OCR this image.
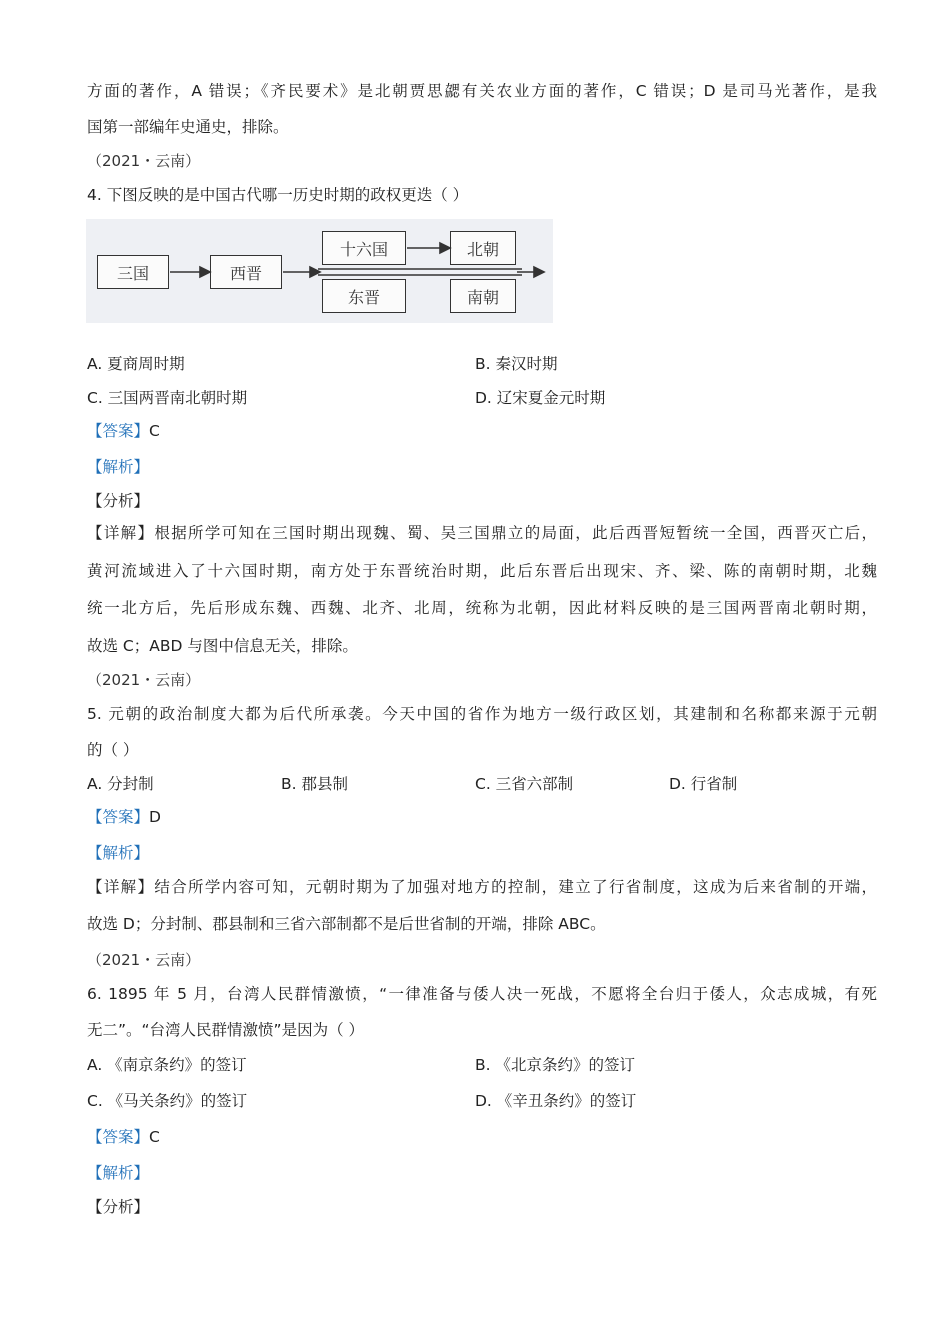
方面的著作，A 错误；《齐民要术》是北朝贾思勰有关农业方面的著作，C 错误；D 是司马光著作，是我
国第一部编年史通史，排除。
（2021・云南）
4. 下图反映的是中国古代哪一历史时期的政权更迭（ ）
三国	西晋
十六国
东晋
北朝
南朝
A. 夏商周时期	B. 秦汉时期
C. 三国两晋南北朝时期	D. 辽宋夏金元时期
【答案】C
【解析】
【分析】
【详解】根据所学可知在三国时期出现魏、蜀、吴三国鼎立的局面，此后西晋短暂统一全国，西晋灭亡后，
黄河流域进入了十六国时期，南方处于东晋统治时期，此后东晋后出现宋、齐、梁、陈的南朝时期，北魏
统一北方后，先后形成东魏、西魏、北齐、北周，统称为北朝，因此材料反映的是三国两晋南北朝时期，
故选 C；ABD 与图中信息无关，排除。
（2021・云南）
5. 元朝的政治制度大都为后代所承袭。今天中国的省作为地方一级行政区划，其建制和名称都来源于元朝
的（ ）
A. 分封制	B. 郡县制	C. 三省六部制	D. 行省制
【答案】D
【解析】
【详解】结合所学内容可知，元朝时期为了加强对地方的控制，建立了行省制度，这成为后来省制的开端，
故选 D；分封制、郡县制和三省六部制都不是后世省制的开端，排除 ABC。
（2021・云南）
6. 1895 年 5 月，台湾人民群情激愤，“一律准备与倭人决一死战，不愿将全台归于倭人，众志成城，有死
无二”。“台湾人民群情激愤”是因为（ ）
A. 《南京条约》的签订	B. 《北京条约》的签订
C. 《马关条约》的签订	D. 《辛丑条约》的签订
【答案】C
【解析】
【分析】
